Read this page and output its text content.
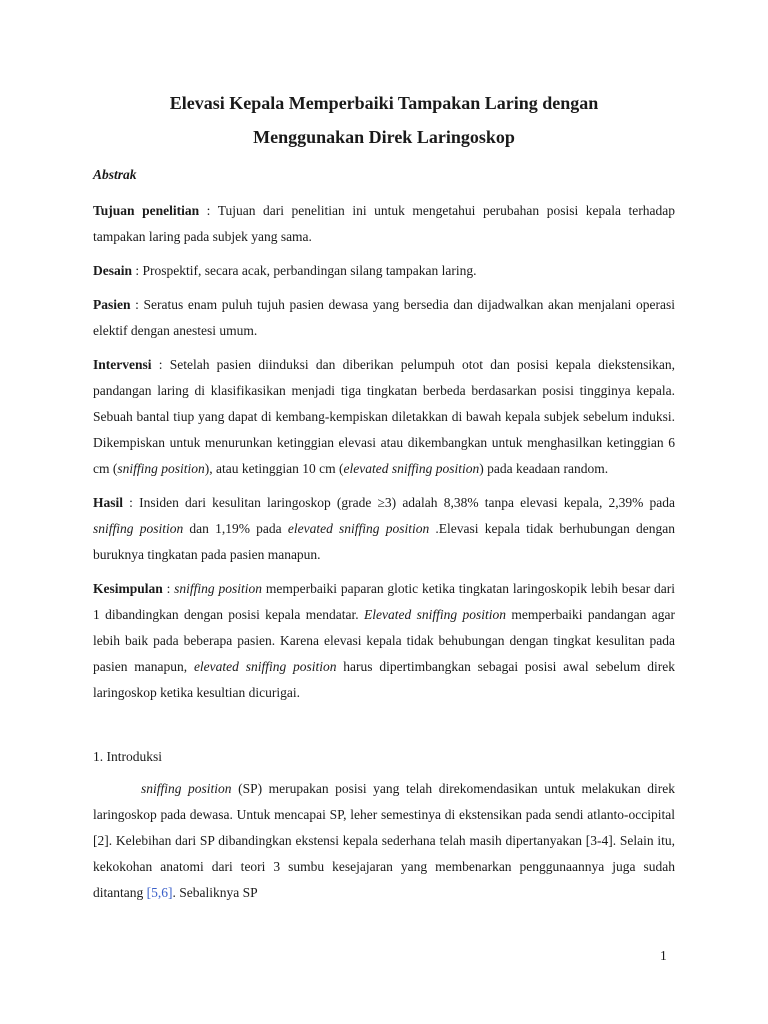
Elevasi Kepala Memperbaiki Tampakan Laring dengan
Menggunakan Direk Laringoskop

Abstrak

Tujuan penelitian : Tujuan dari penelitian ini untuk mengetahui perubahan posisi kepala terhadap tampakan laring pada subjek yang sama.

Desain : Prospektif, secara acak, perbandingan silang tampakan laring.

Pasien : Seratus enam puluh tujuh pasien dewasa yang bersedia dan dijadwalkan akan menjalani operasi elektif dengan anestesi umum.

Intervensi : Setelah pasien diinduksi dan diberikan pelumpuh otot dan posisi kepala diekstensikan, pandangan laring di klasifikasikan menjadi tiga tingkatan berbeda berdasarkan posisi tingginya kepala. Sebuah bantal tiup yang dapat di kembang-kempiskan diletakkan di bawah kepala subjek sebelum induksi. Dikempiskan untuk menurunkan ketinggian elevasi atau dikembangkan untuk menghasilkan ketinggian 6 cm (sniffing position), atau ketinggian 10 cm (elevated sniffing position) pada keadaan random.

Hasil : Insiden dari kesulitan laringoskop (grade ≥3) adalah 8,38% tanpa elevasi kepala, 2,39% pada sniffing position dan 1,19% pada elevated sniffing position .Elevasi kepala tidak berhubungan dengan buruknya tingkatan pada pasien manapun.

Kesimpulan : sniffing position memperbaiki paparan glotic ketika tingkatan laringoskopik lebih besar dari 1 dibandingkan dengan posisi kepala mendatar. Elevated sniffing position memperbaiki pandangan agar lebih baik pada beberapa pasien. Karena elevasi kepala tidak behubungan dengan tingkat kesulitan pada pasien manapun, elevated sniffing position harus dipertimbangkan sebagai posisi awal sebelum direk laringoskop ketika kesultian dicurigai.

1. Introduksi

sniffing position (SP) merupakan posisi yang telah direkomendasikan untuk melakukan direk laringoskop pada dewasa. Untuk mencapai SP, leher semestinya di ekstensikan pada sendi atlanto-occipital [2]. Kelebihan dari SP dibandingkan ekstensi kepala sederhana telah masih dipertanyakan [3-4]. Selain itu, kekokohan anatomi dari teori 3 sumbu kesejajaran yang membenarkan penggunaannya juga sudah ditantang [5,6]. Sebaliknya SP

1
